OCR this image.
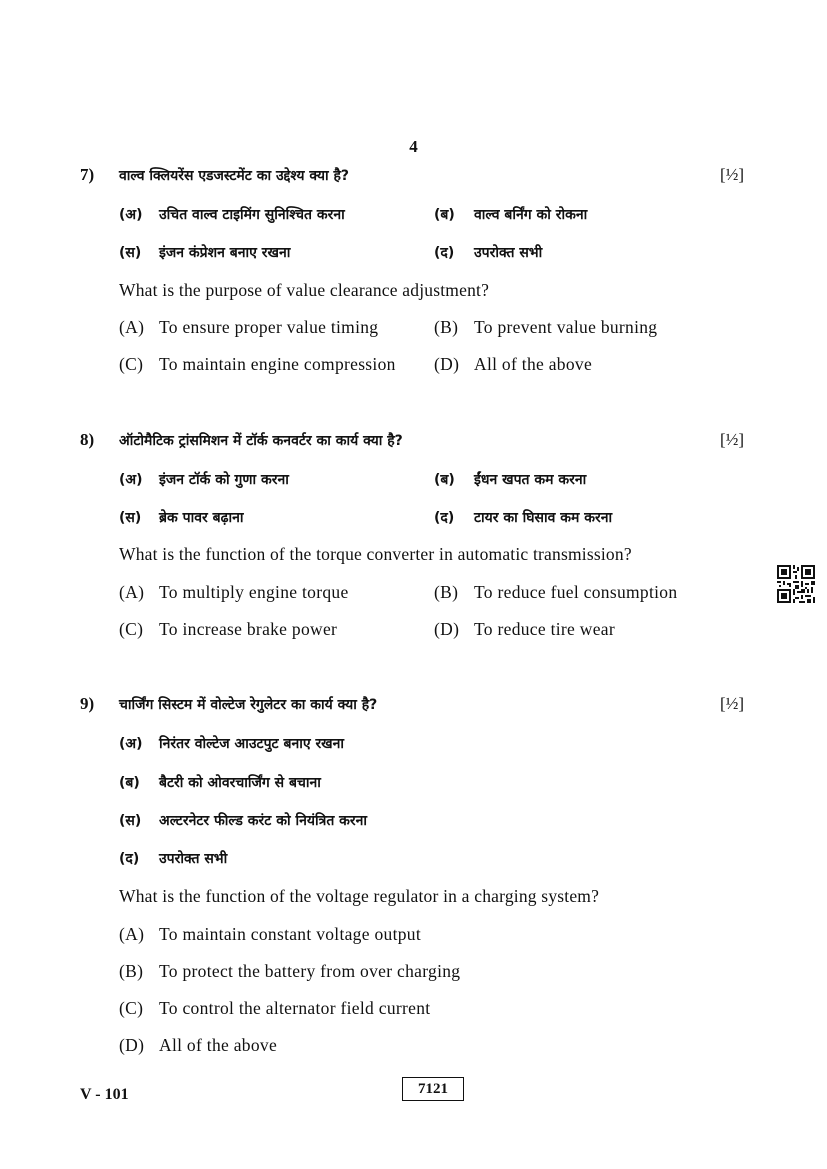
4
7) वाल्व क्लियरेंस एडजस्टमेंट का उद्देश्य क्या है?	[½]
(अ) उचित वाल्व टाइमिंग सुनिश्चित करना	(ब) वाल्व बर्निंग को रोकना
(स) इंजन कंप्रेशन बनाए रखना	(द) उपरोक्त सभी
What is the purpose of value clearance adjustment?
(A) To ensure proper value timing	(B) To prevent value burning
(C) To maintain engine compression (D) All of the above
8) ऑटोमैटिक ट्रांसमिशन में टॉर्क कनवर्टर का कार्य क्या है?	[½]
(अ) इंजन टॉर्क को गुणा करना	(ब) ईंधन खपत कम करना
(स) ब्रेक पावर बढ़ाना	(द) टायर का घिसाव कम करना
What is the function of the torque converter in automatic transmission?
(A) To multiply engine torque	(B) To reduce fuel consumption
(C) To increase brake power	(D) To reduce tire wear
9) चार्जिंग सिस्टम में वोल्टेज रेगुलेटर का कार्य क्या है?	[½]
(अ) निरंतर वोल्टेज आउटपुट बनाए रखना
(ब) बैटरी को ओवरचार्जिंग से बचाना
(स) अल्टरनेटर फील्ड करंट को नियंत्रित करना
(द) उपरोक्त सभी
What is the function of the voltage regulator in a charging system?
(A) To maintain constant voltage output
(B) To protect the battery from over charging
(C) To control the alternator field current
(D) All of the above
V - 101	7121
